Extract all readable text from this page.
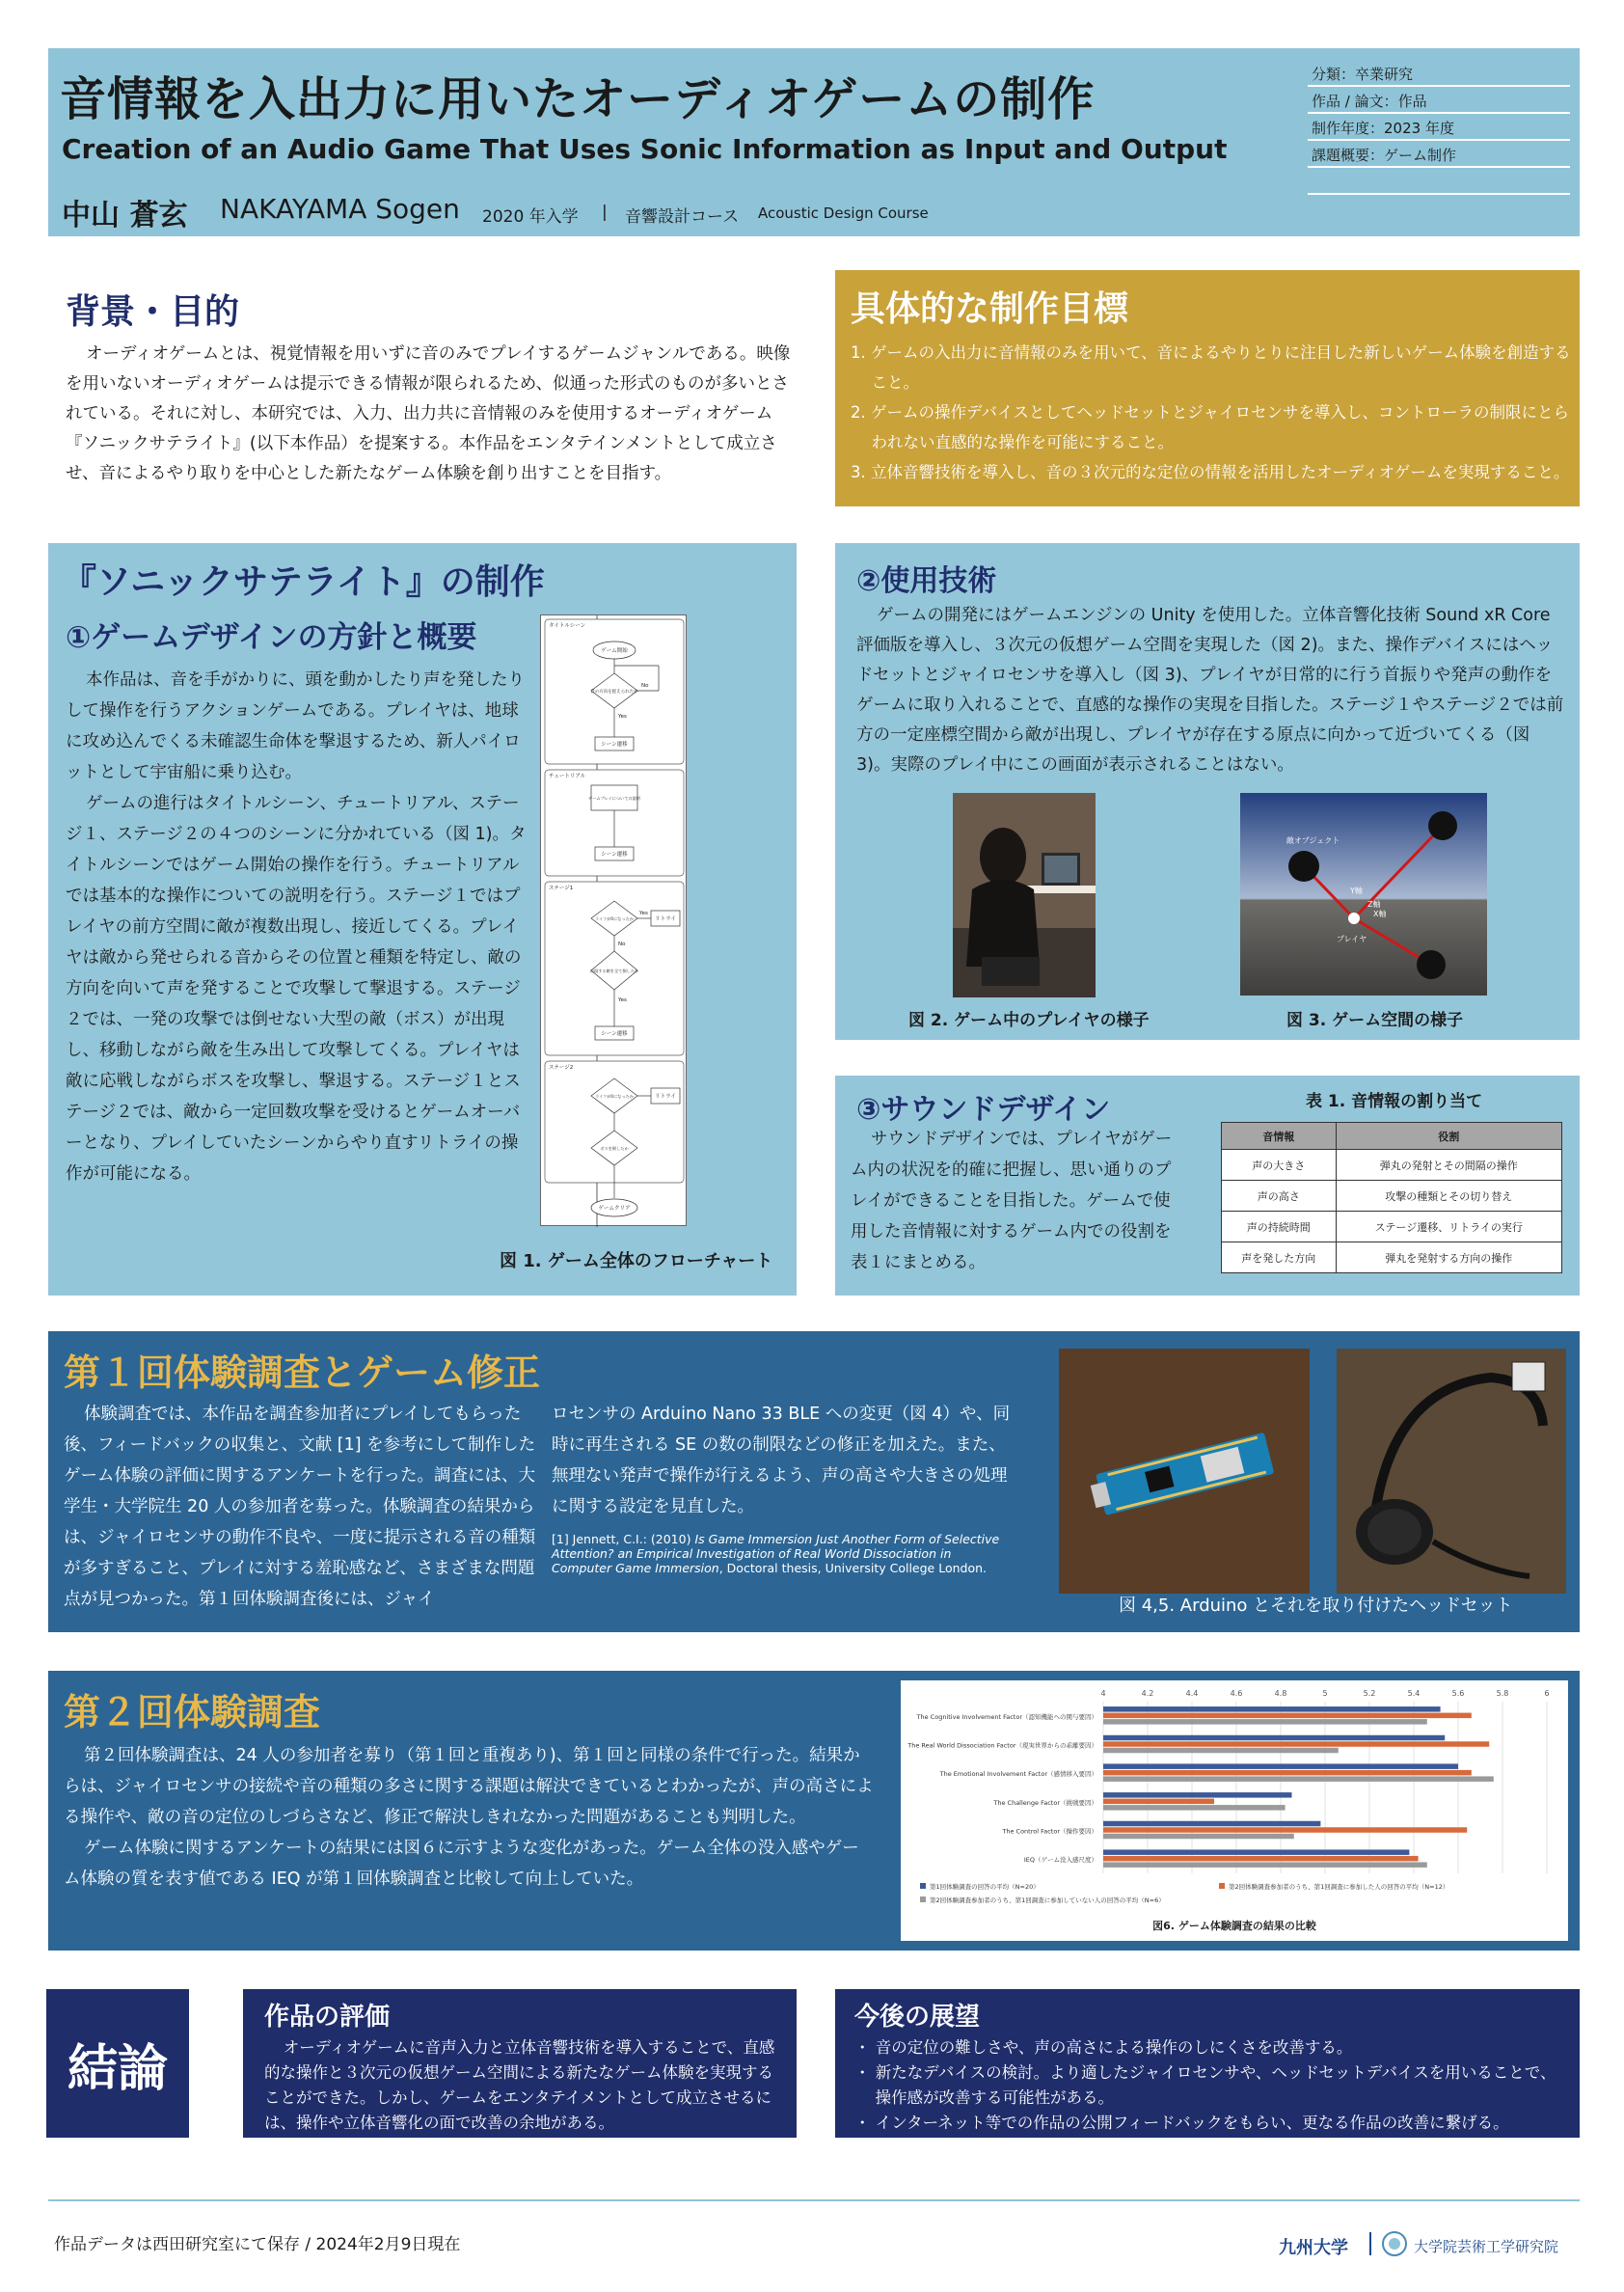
音情報を入出力に用いたオーディオゲームの制作
Creation of an Audio Game That Uses Sonic Information as Input and Output
中山 蒼玄 NAKAYAMA Sogen 2020 年入学 | 音響設計コース Acoustic Design Course
分類：卒業研究
作品 / 論文：作品
制作年度：2023 年度
課題概要：ゲーム制作
背景・目的
オーディオゲームとは、視覚情報を用いずに音のみでプレイするゲームジャンルである。映像を用いないオーディオゲームは提示できる情報が限られるため、似通った形式のものが多いとされている。それに対し、本研究では、入力、出力共に音情報のみを使用するオーディオゲーム『ソニックサテライト』(以下本作品）を提案する。本作品をエンタテインメントとして成立させ、音によるやり取りを中心とした新たなゲーム体験を創り出すことを目指す。
具体的な制作目標
1. ゲームの入出力に音情報のみを用いて、音によるやりとりに注目した新しいゲーム体験を創造すること。
2. ゲームの操作デバイスとしてヘッドセットとジャイロセンサを導入し、コントローラの制限にとらわれない直感的な操作を可能にすること。
3. 立体音響技術を導入し、音の３次元的な定位の情報を活用したオーディオゲームを実現すること。
『ソニックサテライト』の制作
①ゲームデザインの方針と概要
本作品は、音を手がかりに、頭を動かしたり声を発したりして操作を行うアクションゲームである。プレイヤは、地球に攻め込んでくる未確認生命体を撃退するため、新人パイロットとして宇宙船に乗り込む。
ゲームの進行はタイトルシーン、チュートリアル、ステージ１、ステージ２の４つのシーンに分かれている（図 1)。タイトルシーンではゲーム開始の操作を行う。チュートリアルでは基本的な操作についての説明を行う。ステージ１ではプレイヤの前方空間に敵が複数出現し、接近してくる。プレイヤは敵から発せられる音からその位置と種類を特定し、敵の方向を向いて声を発することで攻撃して撃退する。ステージ２では、一発の攻撃では倒せない大型の敵（ボス）が出現し、移動しながら敵を生み出して攻撃してくる。プレイヤは敵に応戦しながらボスを攻撃し、撃退する。ステージ１とステージ２では、敵から一定回数攻撃を受けるとゲームオーバーとなり、プレイしていたシーンからやり直すリトライの操作が可能になる。
タイトルシーン
ゲーム開始
音の方向を捉えられたか
No
Yes
シーン遷移
チュートリアル
ゲームプレイについての説明
シーン遷移
ステージ1
ライフが0になったか	リトライ
Yes
No
出現する敵を全て倒したか
Yes
シーン遷移
ステージ2
ライフが0になったか	リトライ
ボスを倒したか
ゲームクリア
図 1. ゲーム全体のフローチャート
②使用技術
ゲームの開発にはゲームエンジンの Unity を使用した。立体音響化技術 Sound xR Core 評価版を導入し、３次元の仮想ゲーム空間を実現した（図 2)。また、操作デバイスにはヘッドセットとジャイロセンサを導入し（図 3)、プレイヤが日常的に行う首振りや発声の動作をゲームに取り入れることで、直感的な操作の実現を目指した。ステージ１やステージ２では前方の一定座標空間から敵が出現し、プレイヤが存在する原点に向かって近づいてくる（図 3)。実際のプレイ中にこの画面が表示されることはない。
敵オブジェクト
プレイヤ
Y軸
Z軸
X軸
図 2. ゲーム中のプレイヤの様子	図 3. ゲーム空間の様子
③サウンドデザイン
サウンドデザインでは、プレイヤがゲーム内の状況を的確に把握し、思い通りのプレイができることを目指した。ゲームで使用した音情報に対するゲーム内での役割を表１にまとめる。
表 1. 音情報の割り当て
音情報	役割
声の大きさ	弾丸の発射とその間隔の操作
声の高さ	攻撃の種類とその切り替え
声の持続時間	ステージ遷移、リトライの実行
声を発した方向	弾丸を発射する方向の操作
第１回体験調査とゲーム修正
体験調査では、本作品を調査参加者にプレイしてもらった後、フィードバックの収集と、文献 [1] を参考にして制作したゲーム体験の評価に関するアンケートを行った。調査には、大学生・大学院生 20 人の参加者を募った。体験調査の結果からは、ジャイロセンサの動作不良や、一度に提示される音の種類が多すぎること、プレイに対する羞恥感など、さまざまな問題点が見つかった。第１回体験調査後には、ジャイ
ロセンサの Arduino Nano 33 BLE への変更（図 4）や、同時に再生される SE の数の制限などの修正を加えた。また、無理ない発声で操作が行えるよう、声の高さや大きさの処理に関する設定を見直した。
[1] Jennett, C.I.: (2010) Is Game Immersion Just Another Form of Selective Attention? an Empirical Investigation of Real World Dissociation in Computer Game Immersion, Doctoral thesis, University College London.
図 4,5. Arduino とそれを取り付けたヘッドセット
第２回体験調査
第２回体験調査は、24 人の参加者を募り（第１回と重複あり)、第１回と同様の条件で行った。結果からは、ジャイロセンサの接続や音の種類の多さに関する課題は解決できているとわかったが、声の高さによる操作や、敵の音の定位のしづらさなど、修正で解決しきれなかった問題があることも判明した。
ゲーム体験に関するアンケートの結果には図６に示すような変化があった。ゲーム全体の没入感やゲーム体験の質を表す値である IEQ が第１回体験調査と比較して向上していた。
4	4.2	4.4	4.6	4.8	5	5.2	5.4	5.6	5.8	6
The Cognitive Involvement Factor（認知機能への関与要因）
The Real World Dissociation Factor（現実世界からの乖離要因）
The Emotional Involvement Factor（感情移入要因）
The Challenge Factor（挑戦要因）
The Control Factor（操作要因）
IEQ（ゲーム没入感尺度）
第1回体験調査の回答の平均（N=20）	第2回体験調査参加者のうち、第1回調査に参加した人の回答の平均（N=12）
第2回体験調査参加者のうち、第1回調査に参加していない人の回答の平均（N=6）
図6. ゲーム体験調査の結果の比較
結論
作品の評価
オーディオゲームに音声入力と立体音響技術を導入することで、直感的な操作と３次元の仮想ゲーム空間による新たなゲーム体験を実現することができた。しかし、ゲームをエンタテイメントとして成立させるには、操作や立体音響化の面で改善の余地がある。
今後の展望
・ 音の定位の難しさや、声の高さによる操作のしにくさを改善する。
・ 新たなデバイスの検討。より適したジャイロセンサや、ヘッドセットデバイスを用いることで、操作感が改善する可能性がある。
・ インターネット等での作品の公開フィードバックをもらい、更なる作品の改善に繋げる。
作品データは西田研究室にて保存 / 2024年2月9日現在	九州大学	大学院芸術工学研究院
